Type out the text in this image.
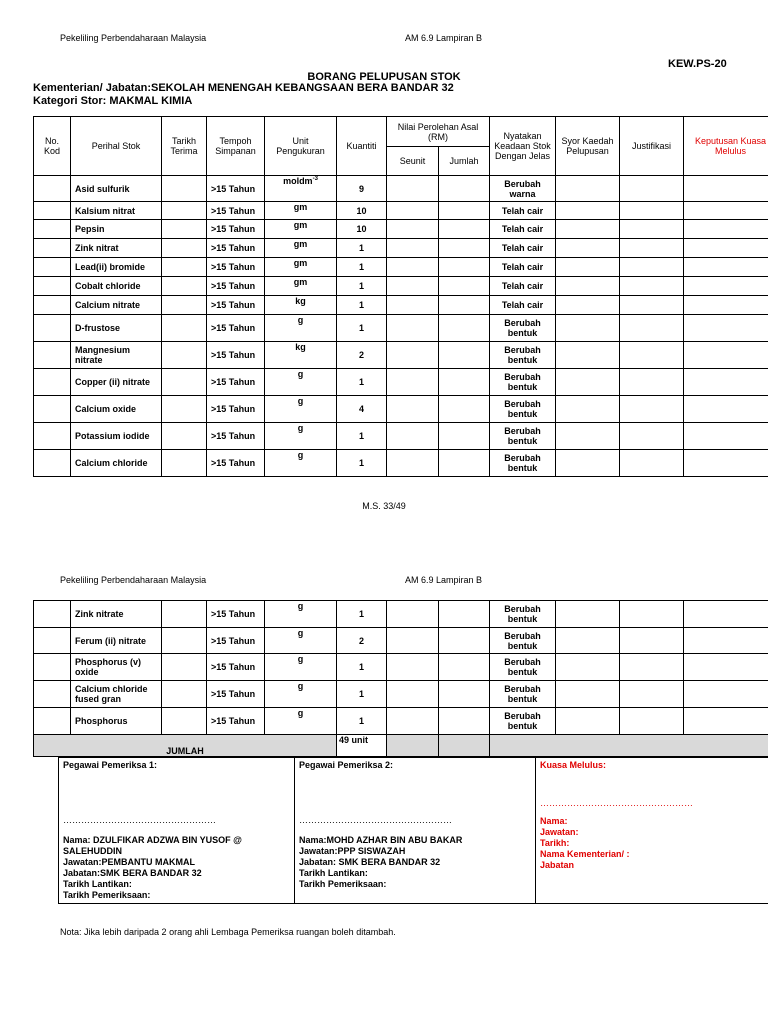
Pekeliling Perbendaharaan Malaysia	AM 6.9 Lampiran B
KEW.PS-20
BORANG PELUPUSAN STOK
Kementerian/ Jabatan:SEKOLAH MENENGAH KEBANGSAAN BERA BANDAR 32
Kategori Stor: MAKMAL KIMIA
No. Kod	Perihal Stok	Tarikh Terima	Tempoh Simpanan	Unit Pengukuran	Kuantiti	Nilai Perolehan Asal (RM)		Nyatakan Keadaan Stok Dengan Jelas	Syor Kaedah Pelupusan	Justifikasi	Keputusan Kuasa Melulus
						Seunit	Jumlah				
	Asid sulfurik		>15 Tahun	moldm$^{-3}$	9			Berubah warna			
	Kalsium nitrat		>15 Tahun	gm	10			Telah cair			
	Pepsin		>15 Tahun	gm	10			Telah cair			
	Zink nitrat		>15 Tahun	gm	1			Telah cair			
	Lead(ii) bromide		>15 Tahun	gm	1			Telah cair			
	Cobalt chloride		>15 Tahun	gm	1			Telah cair			
	Calcium nitrate		>15 Tahun	kg	1			Telah cair			
	D-frustose		>15 Tahun	g	1			Berubah bentuk			
	Mangnesium nitrate		>15 Tahun	kg	2			Berubah bentuk			
	Copper (ii) nitrate		>15 Tahun	g	1			Berubah bentuk			
	Calcium oxide		>15 Tahun	g	4			Berubah bentuk			
	Potassium iodide		>15 Tahun	g	1			Berubah bentuk			
	Calcium chloride		>15 Tahun	g	1			Berubah bentuk			
M.S. 33/49
Pekeliling Perbendaharaan Malaysia	AM 6.9 Lampiran B
	Zink nitrate		>15 Tahun	g	1			Berubah bentuk			
	Ferum (ii) nitrate		>15 Tahun	g	2			Berubah bentuk			
	Phosphorus (v) oxide		>15 Tahun	g	1			Berubah bentuk			
	Calcium chloride fused gran		>15 Tahun	g	1			Berubah bentuk			
	Phosphorus		>15 Tahun	g	1			Berubah bentuk			
JUMLAH					49 unit						
Pegawai Pemeriksa 1:
……………………………………………
Nama: DZULFIKAR ADZWA BIN YUSOF @ SALEHUDDIN
Jawatan:PEMBANTU MAKMAL
Jabatan:SMK BERA BANDAR 32
Tarikh Lantikan:
Tarikh Pemeriksaan:

Pegawai Pemeriksa 2:
……………………………………………
Nama:MOHD AZHAR BIN ABU BAKAR
Jawatan:PPP SISWAZAH
Jabatan: SMK BERA BANDAR 32
Tarikh Lantikan:
Tarikh Pemeriksaan:

Kuasa Melulus:
……………………………………………
Nama:
Jawatan:
Tarikh:
Nama Kementerian/ :
Jabatan
Nota: Jika lebih daripada 2 orang ahli Lembaga Pemeriksa ruangan boleh ditambah.
